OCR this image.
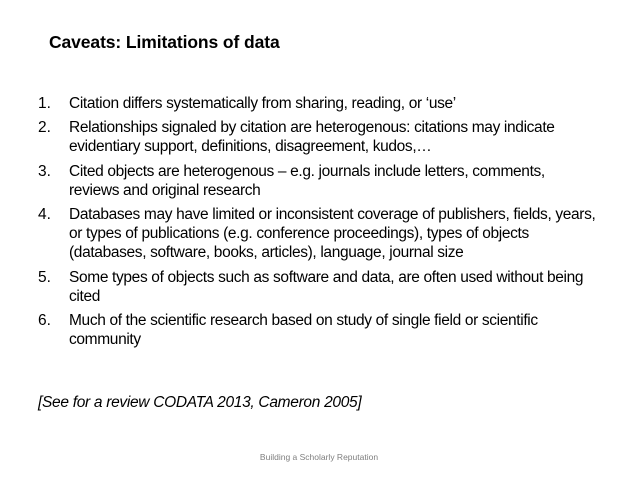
Caveats: Limitations of data
1.	Citation differs systematically from sharing, reading, or ‘use’
2.	Relationships signaled by citation are heterogenous: citations may indicate evidentiary support, definitions, disagreement, kudos,…
3.	Cited objects are heterogenous – e.g. journals include letters, comments, reviews and original research
4.	Databases may have limited or inconsistent coverage of publishers, fields, years, or types of publications (e.g. conference proceedings), types of objects (databases, software, books, articles), language, journal size
5.	Some types of objects such as software and data, are often used without being cited
6.	Much of the scientific research based on study of single field or scientific community
[See for a review CODATA 2013, Cameron 2005]
Building a Scholarly Reputation
